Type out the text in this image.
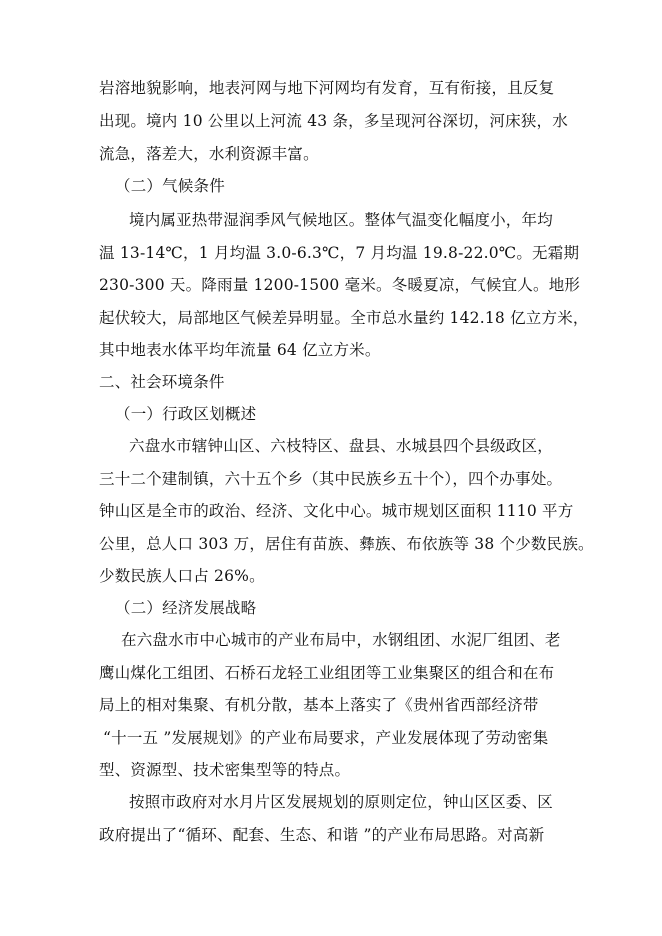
岩溶地貌影响，地表河网与地下河网均有发育，互有衔接，且反复
出现。境内 10 公里以上河流 43 条，多呈现河谷深切，河床狭，水
流急，落差大，水利资源丰富。
（二）气候条件
境内属亚热带湿润季风气候地区。整体气温变化幅度小，年均
温 13-14℃，1 月均温 3.0-6.3℃，7 月均温 19.8-22.0℃。无霜期
230-300 天。降雨量 1200-1500 毫米。冬暖夏凉，气候宜人。地形
起伏较大，局部地区气候差异明显。全市总水量约 142.18 亿立方米，
其中地表水体平均年流量 64 亿立方米。
二、社会环境条件
（一）行政区划概述
六盘水市辖钟山区、六枝特区、盘县、水城县四个县级政区，
三十二个建制镇，六十五个乡（其中民族乡五十个），四个办事处。
钟山区是全市的政治、经济、文化中心。城市规划区面积 1110 平方
公里，总人口 303 万，居住有苗族、彝族、布依族等 38 个少数民族。
少数民族人口占 26%。
（二）经济发展战略
在六盘水市中心城市的产业布局中，水钢组团、水泥厂组团、老
鹰山煤化工组团、石桥石龙轻工业组团等工业集聚区的组合和在布
局上的相对集聚、有机分散，基本上落实了《贵州省西部经济带
“十一五 ”发展规划》的产业布局要求，产业发展体现了劳动密集
型、资源型、技术密集型等的特点。
按照市政府对水月片区发展规划的原则定位，钟山区区委、区
政府提出了“循环、配套、生态、和谐 ”的产业布局思路。对高新
